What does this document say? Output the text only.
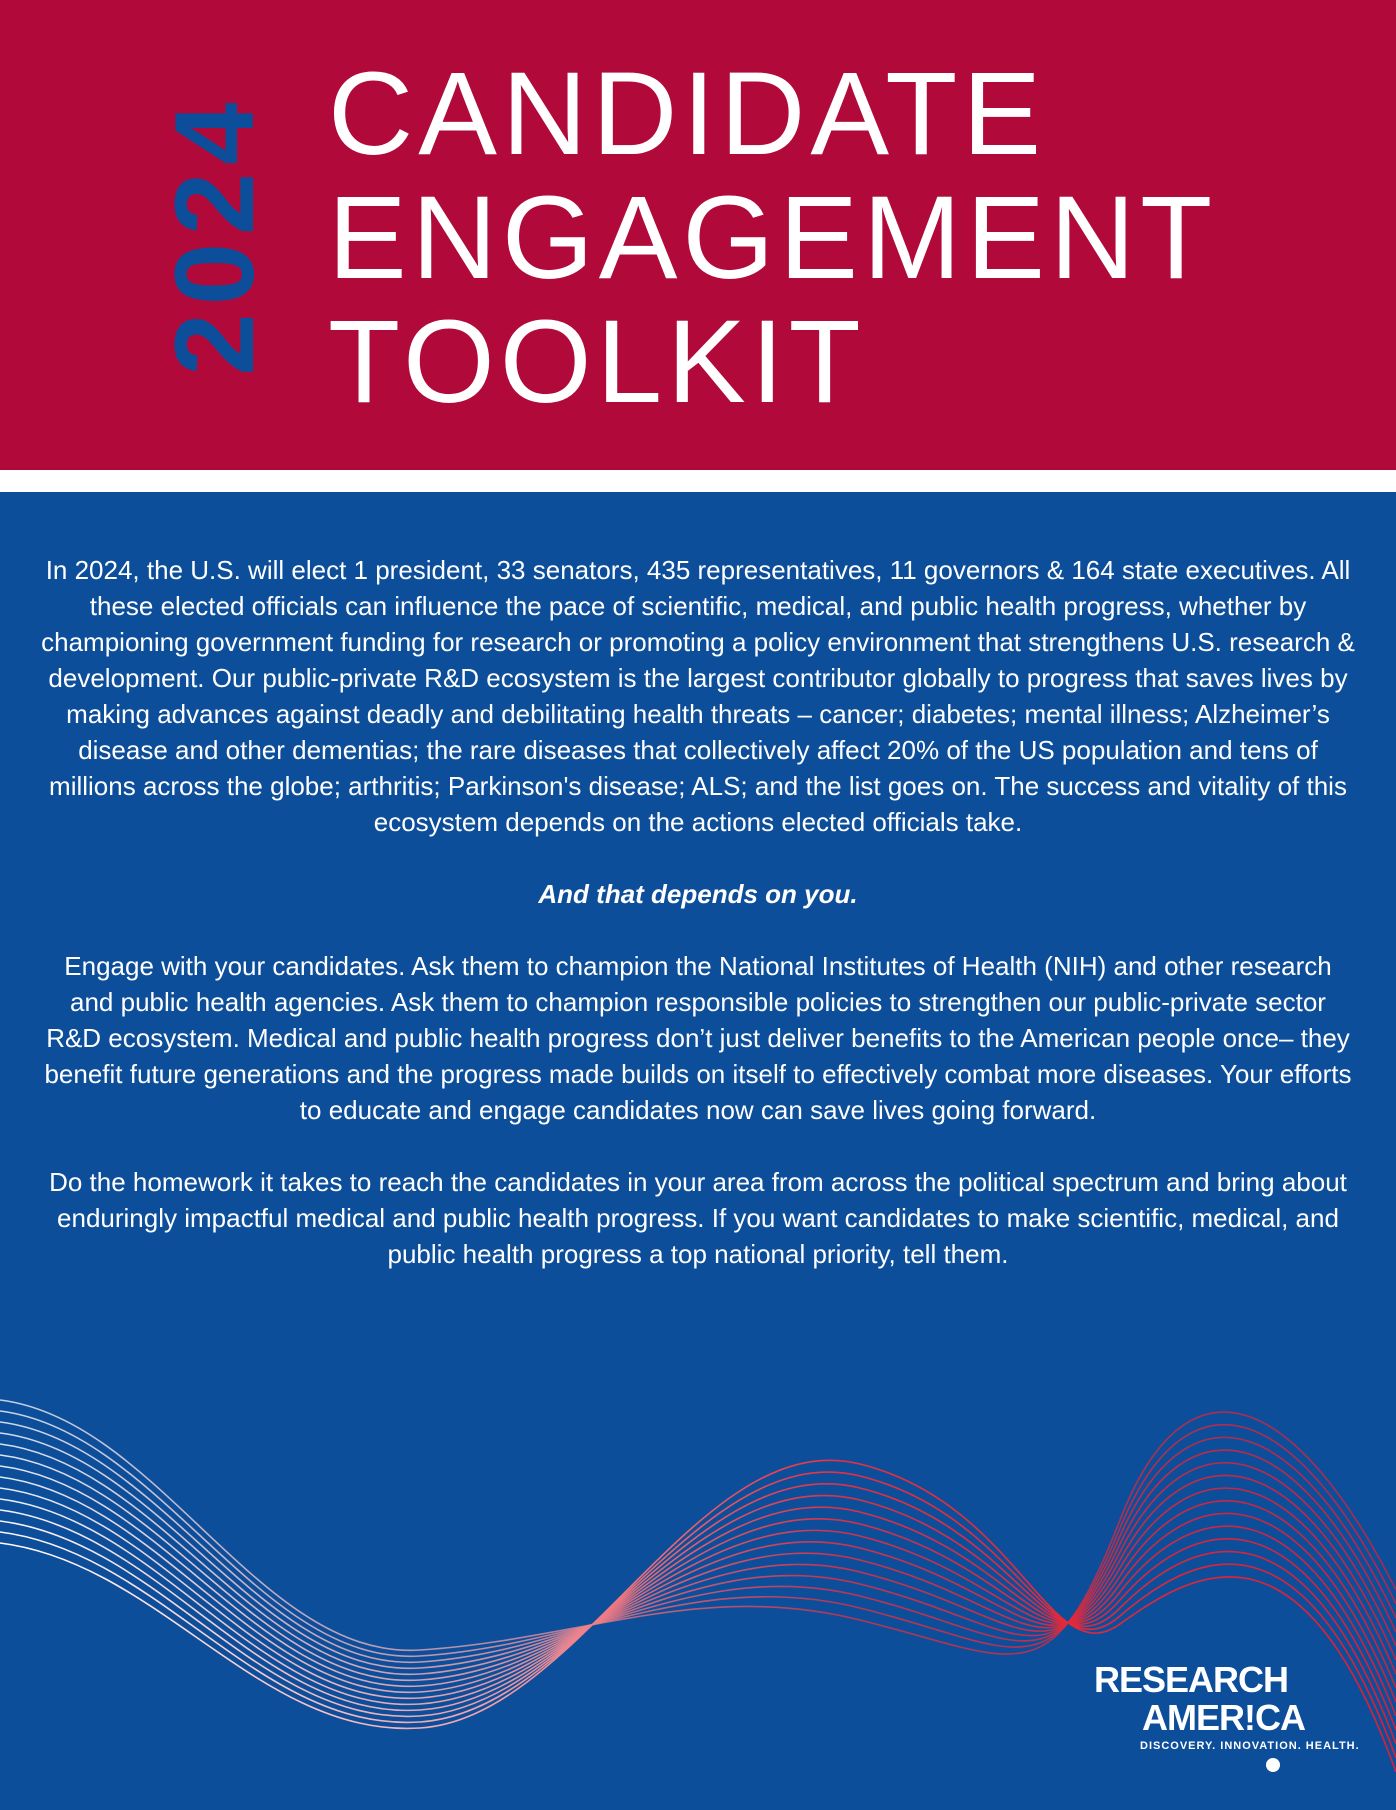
2024 CANDIDATE
ENGAGEMENT
TOOLKIT

In 2024, the U.S. will elect 1 president, 33 senators, 435 representatives, 11 governors & 164 state executives. All these elected officials can influence the pace of scientific, medical, and public health progress, whether by championing government funding for research or promoting a policy environment that strengthens U.S. research & development. Our public-private R&D ecosystem is the largest contributor globally to progress that saves lives by making advances against deadly and debilitating health threats – cancer; diabetes; mental illness; Alzheimer’s disease and other dementias; the rare diseases that collectively affect 20% of the US population and tens of millions across the globe; arthritis; Parkinson's disease; ALS; and the list goes on. The success and vitality of this ecosystem depends on the actions elected officials take.

And that depends on you.

Engage with your candidates. Ask them to champion the National Institutes of Health (NIH) and other research and public health agencies. Ask them to champion responsible policies to strengthen our public-private sector R&D ecosystem. Medical and public health progress don’t just deliver benefits to the American people once– they benefit future generations and the progress made builds on itself to effectively combat more diseases. Your efforts to educate and engage candidates now can save lives going forward.

Do the homework it takes to reach the candidates in your area from across the political spectrum and bring about enduringly impactful medical and public health progress. If you want candidates to make scientific, medical, and public health progress a top national priority, tell them.

RESEARCH
AMER!CA
DISCOVERY. INNOVATION. HEALTH.
